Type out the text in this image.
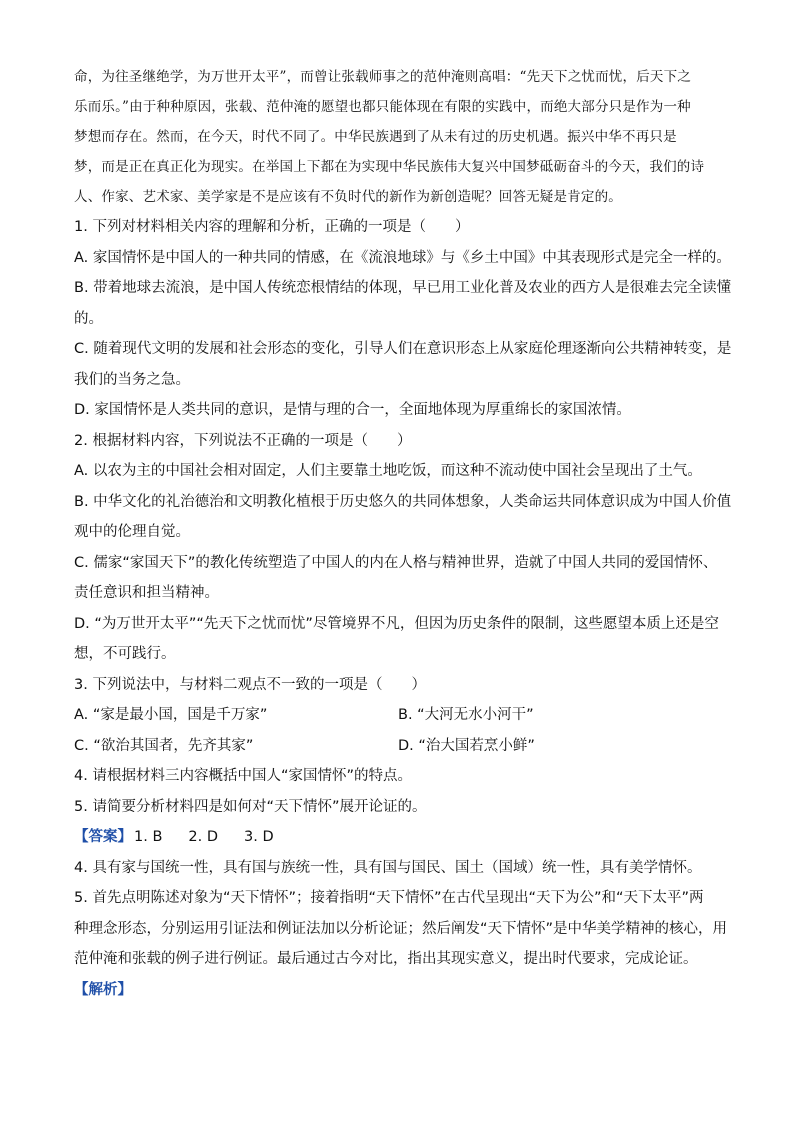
命，为往圣继绝学，为万世开太平”，而曾让张载师事之的范仲淹则高唱：“先天下之忧而忧，后天下之

乐而乐。”由于种种原因，张载、范仲淹的愿望也都只能体现在有限的实践中，而绝大部分只是作为一种

梦想而存在。然而，在今天，时代不同了。中华民族遇到了从未有过的历史机遇。振兴中华不再只是

梦，而是正在真正化为现实。在举国上下都在为实现中华民族伟大复兴中国梦砥砺奋斗的今天，我们的诗

人、作家、艺术家、美学家是不是应该有不负时代的新作为新创造呢？回答无疑是肯定的。

1. 下列对材料相关内容的理解和分析，正确的一项是（　　）

A. 家国情怀是中国人的一种共同的情感，在《流浪地球》与《乡土中国》中其表现形式是完全一样的。

B. 带着地球去流浪，是中国人传统恋根情结的体现，早已用工业化普及农业的西方人是很难去完全读懂

的。

C. 随着现代文明的发展和社会形态的变化，引导人们在意识形态上从家庭伦理逐渐向公共精神转变，是

我们的当务之急。

D. 家国情怀是人类共同的意识，是情与理的合一，全面地体现为厚重绵长的家国浓情。

2. 根据材料内容，下列说法不正确的一项是（　　）

A. 以农为主的中国社会相对固定，人们主要靠土地吃饭，而这种不流动使中国社会呈现出了土气。

B. 中华文化的礼治德治和文明教化植根于历史悠久的共同体想象，人类命运共同体意识成为中国人价值

观中的伦理自觉。

C. 儒家“家国天下”的教化传统塑造了中国人的内在人格与精神世界，造就了中国人共同的爱国情怀、

责任意识和担当精神。

D. “为万世开太平”“先天下之忧而忧”尽管境界不凡，但因为历史条件的限制，这些愿望本质上还是空

想，不可践行。

3. 下列说法中，与材料二观点不一致的一项是（　　）

A. “家是最小国，国是千万家”	B. “大河无水小河干”

C. “欲治其国者，先齐其家”	D. “治大国若烹小鲜”

4. 请根据材料三内容概括中国人“家国情怀”的特点。

5. 请简要分析材料四是如何对“天下情怀”展开论证的。

【答案】 1. B 2. D 3. D

4. 具有家与国统一性，具有国与族统一性，具有国与国民、国土（国域）统一性，具有美学情怀。

5. 首先点明陈述对象为“天下情怀”；接着指明“天下情怀”在古代呈现出“天下为公”和“天下太平”两

种理念形态，分别运用引证法和例证法加以分析论证；然后阐发“天下情怀”是中华美学精神的核心，用

范仲淹和张载的例子进行例证。最后通过古今对比，指出其现实意义，提出时代要求，完成论证。

【解析】
